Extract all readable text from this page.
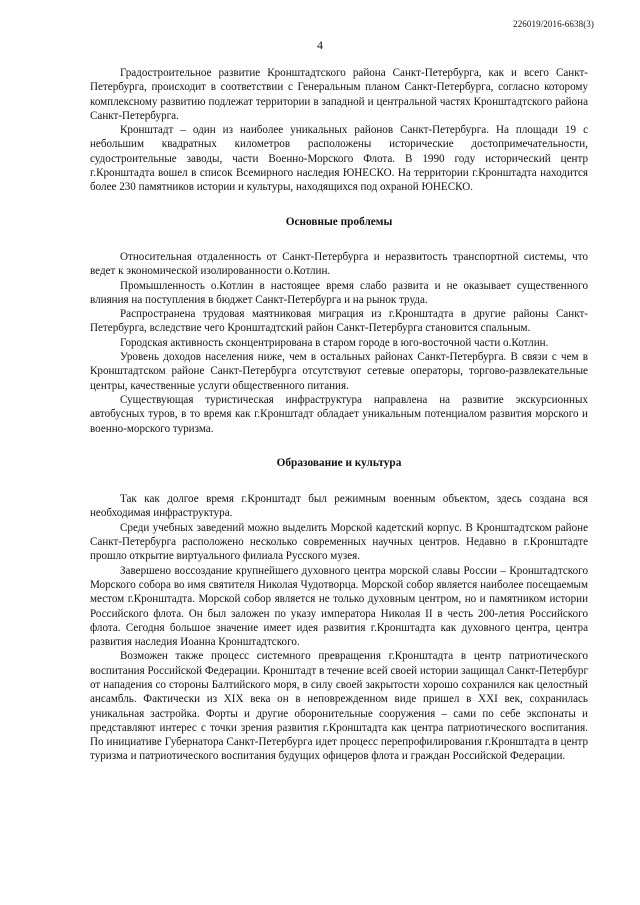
226019/2016-6638(3)
4

Градостроительное развитие Кронштадтского района Санкт-Петербурга, как и всего Санкт-Петербурга, происходит в соответствии с Генеральным планом Санкт-Петербурга, согласно которому комплексному развитию подлежат территории в западной и центральной частях Кронштадтского района Санкт-Петербурга.

Кронштадт – один из наиболее уникальных районов Санкт-Петербурга. На площади 19 с небольшим квадратных километров расположены исторические достопримечательности, судостроительные заводы, части Военно-Морского Флота. В 1990 году исторический центр г.Кронштадта вошел в список Всемирного наследия ЮНЕСКО. На территории г.Кронштадта находится более 230 памятников истории и культуры, находящихся под охраной ЮНЕСКО.

Основные проблемы

Относительная отдаленность от Санкт-Петербурга и неразвитость транспортной системы, что ведет к экономической изолированности о.Котлин.

Промышленность о.Котлин в настоящее время слабо развита и не оказывает существенного влияния на поступления в бюджет Санкт-Петербурга и на рынок труда.

Распространена трудовая маятниковая миграция из г.Кронштадта в другие районы Санкт-Петербурга, вследствие чего Кронштадтский район Санкт-Петербурга становится спальным.

Городская активность сконцентрирована в старом городе в юго-восточной части о.Котлин.

Уровень доходов населения ниже, чем в остальных районах Санкт-Петербурга. В связи с чем в Кронштадтском районе Санкт-Петербурга отсутствуют сетевые операторы, торгово-развлекательные центры, качественные услуги общественного питания.

Существующая туристическая инфраструктура направлена на развитие экскурсионных автобусных туров, в то время как г.Кронштадт обладает уникальным потенциалом развития морского и военно-морского туризма.

Образование и культура

Так как долгое время г.Кронштадт был режимным военным объектом, здесь создана вся необходимая инфраструктура.

Среди учебных заведений можно выделить Морской кадетский корпус. В Кронштадтском районе Санкт-Петербурга расположено несколько современных научных центров. Недавно в г.Кронштадте прошло открытие виртуального филиала Русского музея.

Завершено воссоздание крупнейшего духовного центра морской славы России – Кронштадтского Морского собора во имя святителя Николая Чудотворца. Морской собор является наиболее посещаемым местом г.Кронштадта. Морской собор является не только духовным центром, но и памятником истории Российского флота. Он был заложен по указу императора Николая II в честь 200-летия Российского флота. Сегодня большое значение имеет идея развития г.Кронштадта как духовного центра, центра развития наследия Иоанна Кронштадтского.

Возможен также процесс системного превращения г.Кронштадта в центр патриотического воспитания Российской Федерации. Кронштадт в течение всей своей истории защищал Санкт-Петербург от нападения со стороны Балтийского моря, в силу своей закрытости хорошо сохранился как целостный ансамбль. Фактически из XIX века он в неповрежденном виде пришел в XXI век, сохранилась уникальная застройка. Форты и другие оборонительные сооружения – сами по себе экспонаты и представляют интерес с точки зрения развития г.Кронштадта как центра патриотического воспитания. По инициативе Губернатора Санкт-Петербурга идет процесс перепрофилирования г.Кронштадта в центр туризма и патриотического воспитания будущих офицеров флота и граждан Российской Федерации.
